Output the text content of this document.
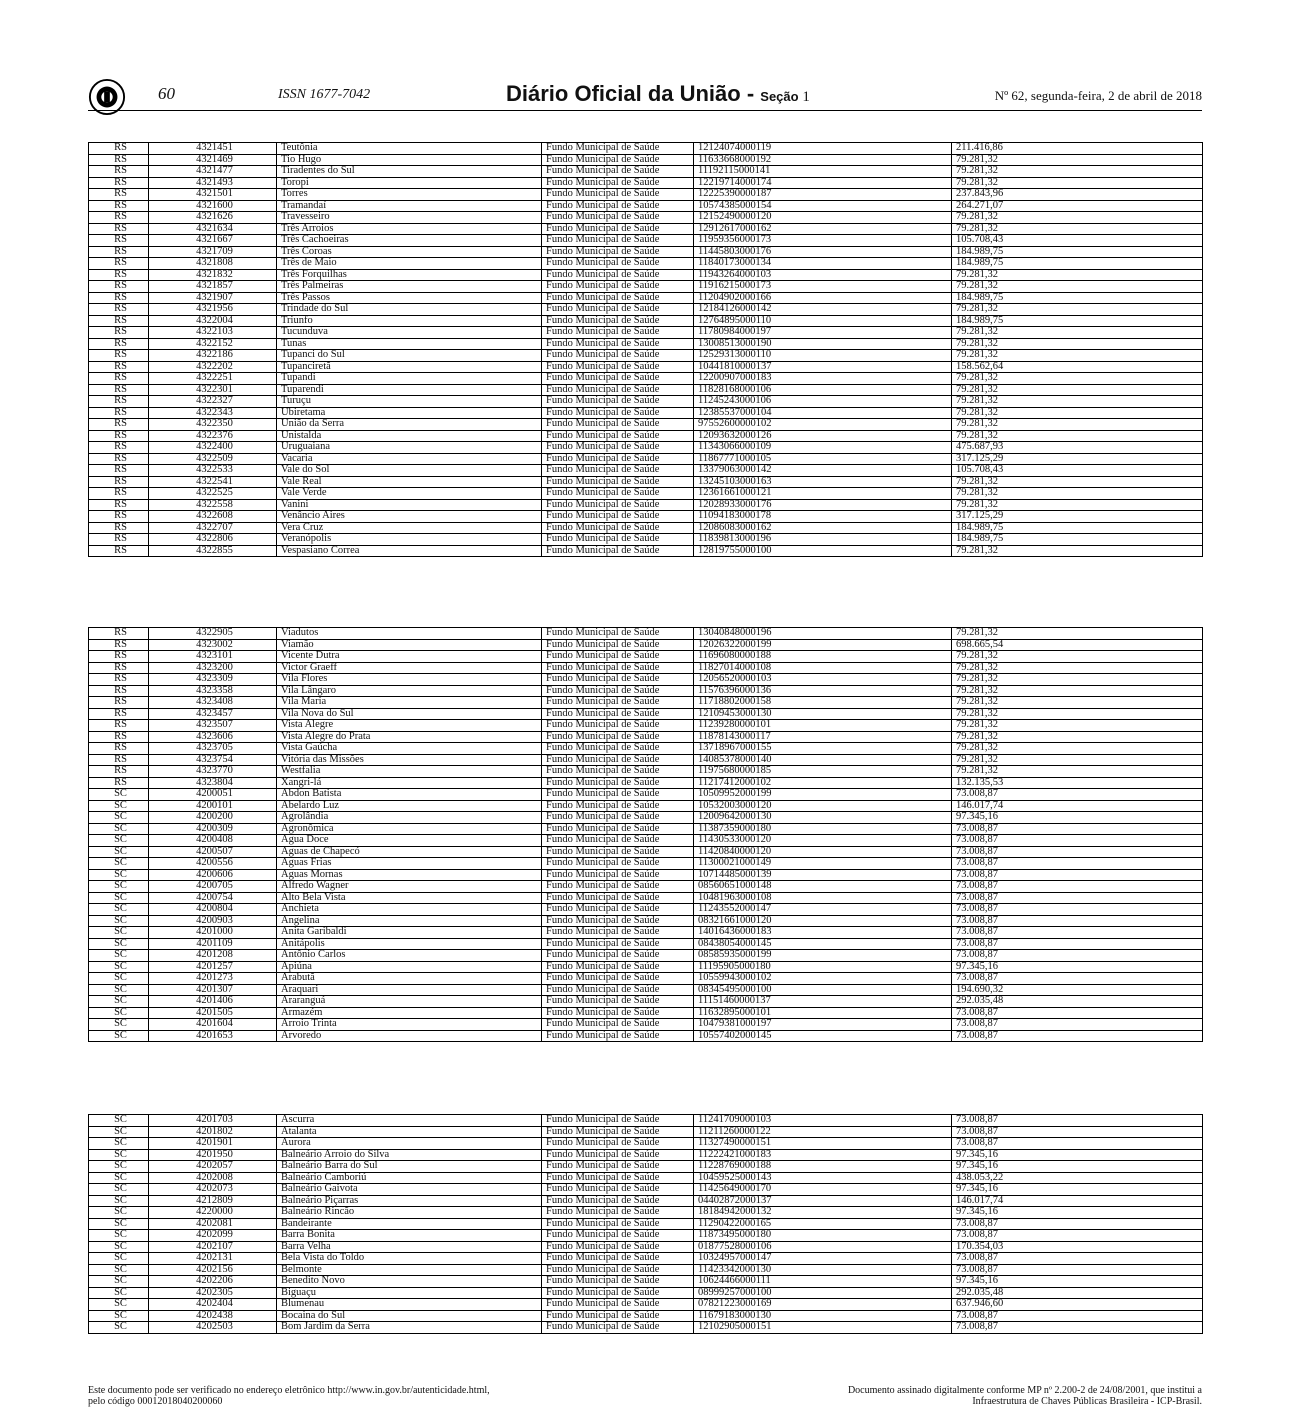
60	ISSN 1677-7042	Diário Oficial da União - Seção 1	Nº 62, segunda-feira, 2 de abril de 2018
RS	4321451	Teutônia	Fundo Municipal de Saúde	12124074000119	211.416,86
RS	4321469	Tio Hugo	Fundo Municipal de Saúde	11633668000192	79.281,32
RS	4321477	Tiradentes do Sul	Fundo Municipal de Saúde	11192115000141	79.281,32
RS	4321493	Toropi	Fundo Municipal de Saúde	12219714000174	79.281,32
RS	4321501	Torres	Fundo Municipal de Saúde	12225390000187	237.843,96
RS	4321600	Tramandaí	Fundo Municipal de Saúde	10574385000154	264.271,07
RS	4321626	Travesseiro	Fundo Municipal de Saúde	12152490000120	79.281,32
RS	4321634	Três Arroios	Fundo Municipal de Saúde	12912617000162	79.281,32
RS	4321667	Três Cachoeiras	Fundo Municipal de Saúde	11959356000173	105.708,43
RS	4321709	Três Coroas	Fundo Municipal de Saúde	11445803000176	184.989,75
RS	4321808	Três de Maio	Fundo Municipal de Saúde	11840173000134	184.989,75
RS	4321832	Três Forquilhas	Fundo Municipal de Saúde	11943264000103	79.281,32
RS	4321857	Três Palmeiras	Fundo Municipal de Saúde	11916215000173	79.281,32
RS	4321907	Três Passos	Fundo Municipal de Saúde	11204902000166	184.989,75
RS	4321956	Trindade do Sul	Fundo Municipal de Saúde	12184126000142	79.281,32
RS	4322004	Triunfo	Fundo Municipal de Saúde	12764895000110	184.989,75
RS	4322103	Tucunduva	Fundo Municipal de Saúde	11780984000197	79.281,32
RS	4322152	Tunas	Fundo Municipal de Saúde	13008513000190	79.281,32
RS	4322186	Tupanci do Sul	Fundo Municipal de Saúde	12529313000110	79.281,32
RS	4322202	Tupanciretã	Fundo Municipal de Saúde	10441810000137	158.562,64
RS	4322251	Tupandi	Fundo Municipal de Saúde	12200907000183	79.281,32
RS	4322301	Tuparendi	Fundo Municipal de Saúde	11828168000106	79.281,32
RS	4322327	Turuçu	Fundo Municipal de Saúde	11245243000106	79.281,32
RS	4322343	Ubiretama	Fundo Municipal de Saúde	12385537000104	79.281,32
RS	4322350	União da Serra	Fundo Municipal de Saúde	97552600000102	79.281,32
RS	4322376	Unistalda	Fundo Municipal de Saúde	12093632000126	79.281,32
RS	4322400	Uruguaiana	Fundo Municipal de Saúde	11343066000109	475.687,93
RS	4322509	Vacaria	Fundo Municipal de Saúde	11867771000105	317.125,29
RS	4322533	Vale do Sol	Fundo Municipal de Saúde	13379063000142	105.708,43
RS	4322541	Vale Real	Fundo Municipal de Saúde	13245103000163	79.281,32
RS	4322525	Vale Verde	Fundo Municipal de Saúde	12361661000121	79.281,32
RS	4322558	Vanini	Fundo Municipal de Saúde	12028933000176	79.281,32
RS	4322608	Venâncio Aires	Fundo Municipal de Saúde	11094183000178	317.125,29
RS	4322707	Vera Cruz	Fundo Municipal de Saúde	12086083000162	184.989,75
RS	4322806	Veranópolis	Fundo Municipal de Saúde	11839813000196	184.989,75
RS	4322855	Vespasiano Correa	Fundo Municipal de Saúde	12819755000100	79.281,32
RS	4322905	Viadutos	Fundo Municipal de Saúde	13040848000196	79.281,32
RS	4323002	Viamão	Fundo Municipal de Saúde	12026322000199	698.665,54
RS	4323101	Vicente Dutra	Fundo Municipal de Saúde	11696080000188	79.281,32
RS	4323200	Victor Graeff	Fundo Municipal de Saúde	11827014000108	79.281,32
RS	4323309	Vila Flores	Fundo Municipal de Saúde	12056520000103	79.281,32
RS	4323358	Vila Lângaro	Fundo Municipal de Saúde	11576396000136	79.281,32
RS	4323408	Vila Maria	Fundo Municipal de Saúde	11718802000158	79.281,32
RS	4323457	Vila Nova do Sul	Fundo Municipal de Saúde	12109453000130	79.281,32
RS	4323507	Vista Alegre	Fundo Municipal de Saúde	11239280000101	79.281,32
RS	4323606	Vista Alegre do Prata	Fundo Municipal de Saúde	11878143000117	79.281,32
RS	4323705	Vista Gaúcha	Fundo Municipal de Saúde	13718967000155	79.281,32
RS	4323754	Vitória das Missões	Fundo Municipal de Saúde	14085378000140	79.281,32
RS	4323770	Westfalia	Fundo Municipal de Saúde	11975680000185	79.281,32
RS	4323804	Xangri-lá	Fundo Municipal de Saúde	11217412000102	132.135,53
SC	4200051	Abdon Batista	Fundo Municipal de Saúde	10509952000199	73.008,87
SC	4200101	Abelardo Luz	Fundo Municipal de Saúde	10532003000120	146.017,74
SC	4200200	Agrolândia	Fundo Municipal de Saúde	12009642000130	97.345,16
SC	4200309	Agronômica	Fundo Municipal de Saúde	11387359000180	73.008,87
SC	4200408	Água Doce	Fundo Municipal de Saúde	11430533000120	73.008,87
SC	4200507	Águas de Chapecó	Fundo Municipal de Saúde	11420840000120	73.008,87
SC	4200556	Águas Frias	Fundo Municipal de Saúde	11300021000149	73.008,87
SC	4200606	Águas Mornas	Fundo Municipal de Saúde	10714485000139	73.008,87
SC	4200705	Alfredo Wagner	Fundo Municipal de Saúde	08560651000148	73.008,87
SC	4200754	Alto Bela Vista	Fundo Municipal de Saúde	10481963000108	73.008,87
SC	4200804	Anchieta	Fundo Municipal de Saúde	11243552000147	73.008,87
SC	4200903	Angelina	Fundo Municipal de Saúde	08321661000120	73.008,87
SC	4201000	Anita Garibaldi	Fundo Municipal de Saúde	14016436000183	73.008,87
SC	4201109	Anitápolis	Fundo Municipal de Saúde	08438054000145	73.008,87
SC	4201208	Antônio Carlos	Fundo Municipal de Saúde	08585935000199	73.008,87
SC	4201257	Apiúna	Fundo Municipal de Saúde	11195905000180	97.345,16
SC	4201273	Arabutã	Fundo Municipal de Saúde	10559943000102	73.008,87
SC	4201307	Araquari	Fundo Municipal de Saúde	08345495000100	194.690,32
SC	4201406	Araranguá	Fundo Municipal de Saúde	11151460000137	292.035,48
SC	4201505	Armazém	Fundo Municipal de Saúde	11632895000101	73.008,87
SC	4201604	Arroio Trinta	Fundo Municipal de Saúde	10479381000197	73.008,87
SC	4201653	Arvoredo	Fundo Municipal de Saúde	10557402000145	73.008,87
SC	4201703	Ascurra	Fundo Municipal de Saúde	11241709000103	73.008,87
SC	4201802	Atalanta	Fundo Municipal de Saúde	11211260000122	73.008,87
SC	4201901	Aurora	Fundo Municipal de Saúde	11327490000151	73.008,87
SC	4201950	Balneário Arroio do Silva	Fundo Municipal de Saúde	11222421000183	97.345,16
SC	4202057	Balneário Barra do Sul	Fundo Municipal de Saúde	11228769000188	97.345,16
SC	4202008	Balneário Camboriú	Fundo Municipal de Saúde	10459525000143	438.053,22
SC	4202073	Balneário Gaivota	Fundo Municipal de Saúde	11425649000170	97.345,16
SC	4212809	Balneário Piçarras	Fundo Municipal de Saúde	04402872000137	146.017,74
SC	4220000	Balneário Rincão	Fundo Municipal de Saúde	18184942000132	97.345,16
SC	4202081	Bandeirante	Fundo Municipal de Saúde	11290422000165	73.008,87
SC	4202099	Barra Bonita	Fundo Municipal de Saúde	11873495000180	73.008,87
SC	4202107	Barra Velha	Fundo Municipal de Saúde	01877528000106	170.354,03
SC	4202131	Bela Vista do Toldo	Fundo Municipal de Saúde	10324957000147	73.008,87
SC	4202156	Belmonte	Fundo Municipal de Saúde	11423342000130	73.008,87
SC	4202206	Benedito Novo	Fundo Municipal de Saúde	10624466000111	97.345,16
SC	4202305	Biguaçu	Fundo Municipal de Saúde	08999257000100	292.035,48
SC	4202404	Blumenau	Fundo Municipal de Saúde	07821223000169	637.946,60
SC	4202438	Bocaina do Sul	Fundo Municipal de Saúde	11679183000130	73.008,87
SC	4202503	Bom Jardim da Serra	Fundo Municipal de Saúde	12102905000151	73.008,87
Este documento pode ser verificado no endereço eletrônico http://www.in.gov.br/autenticidade.html,
pelo código 00012018040200060
Documento assinado digitalmente conforme MP nº 2.200-2 de 24/08/2001, que institui a
Infraestrutura de Chaves Públicas Brasileira - ICP-Brasil.
